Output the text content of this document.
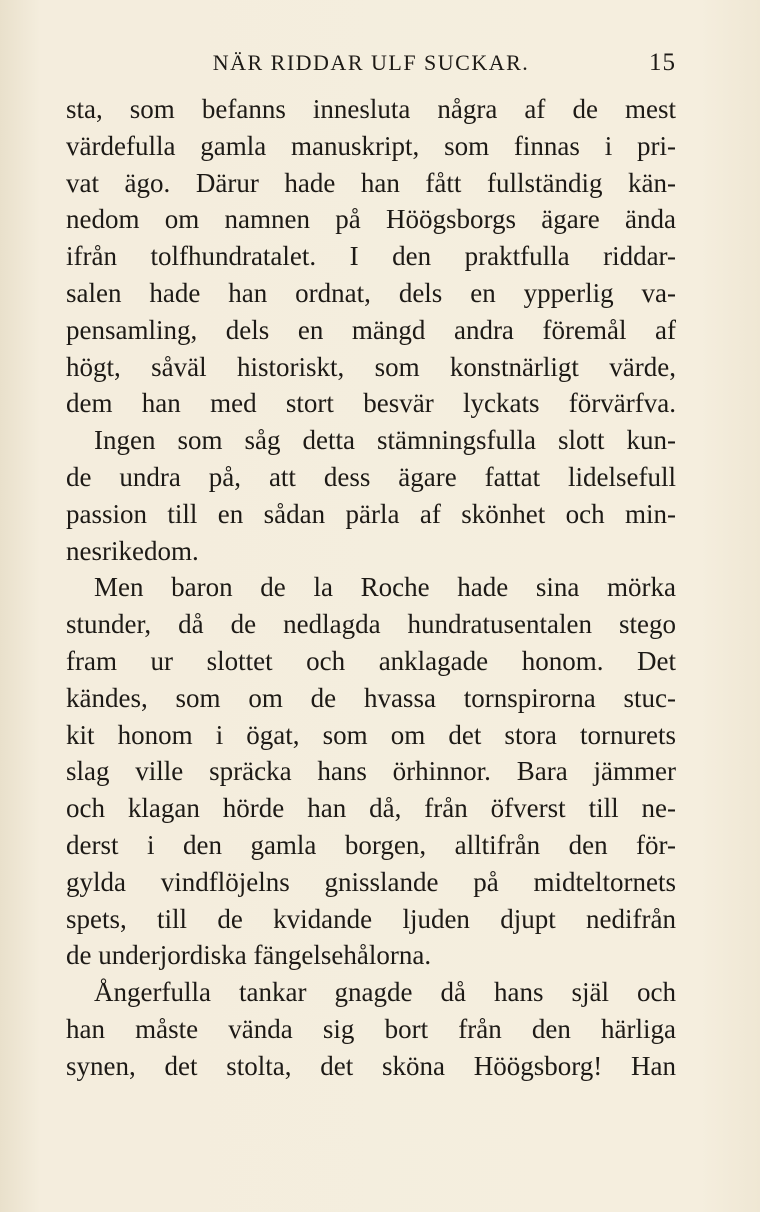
NÄR RIDDAR ULF SUCKAR.	15
sta, som befanns innesluta några af de mest
värdefulla gamla manuskript, som finnas i pri-
vat ägo. Därur hade han fått fullständig kän-
nedom om namnen på Höögsborgs ägare ända
ifrån tolfhundratalet. I den praktfulla riddar-
salen hade han ordnat, dels en ypperlig va-
pensamling, dels en mängd andra föremål af
högt, såväl historiskt, som konstnärligt värde,
dem han med stort besvär lyckats förvärfva.
Ingen som såg detta stämningsfulla slott kun-
de undra på, att dess ägare fattat lidelsefull
passion till en sådan pärla af skönhet och min-
nesrikedom.
Men baron de la Roche hade sina mörka
stunder, då de nedlagda hundratusentalen stego
fram ur slottet och anklagade honom. Det
kändes, som om de hvassa tornspirorna stuc-
kit honom i ögat, som om det stora tornurets
slag ville spräcka hans örhinnor. Bara jämmer
och klagan hörde han då, från öfverst till ne-
derst i den gamla borgen, alltifrån den för-
gylda vindflöjelns gnisslande på midteltornets
spets, till de kvidande ljuden djupt nedifrån
de underjordiska fängelsehålorna.
Ångerfulla tankar gnagde då hans själ och
han måste vända sig bort från den härliga
synen, det stolta, det sköna Höögsborg! Han
